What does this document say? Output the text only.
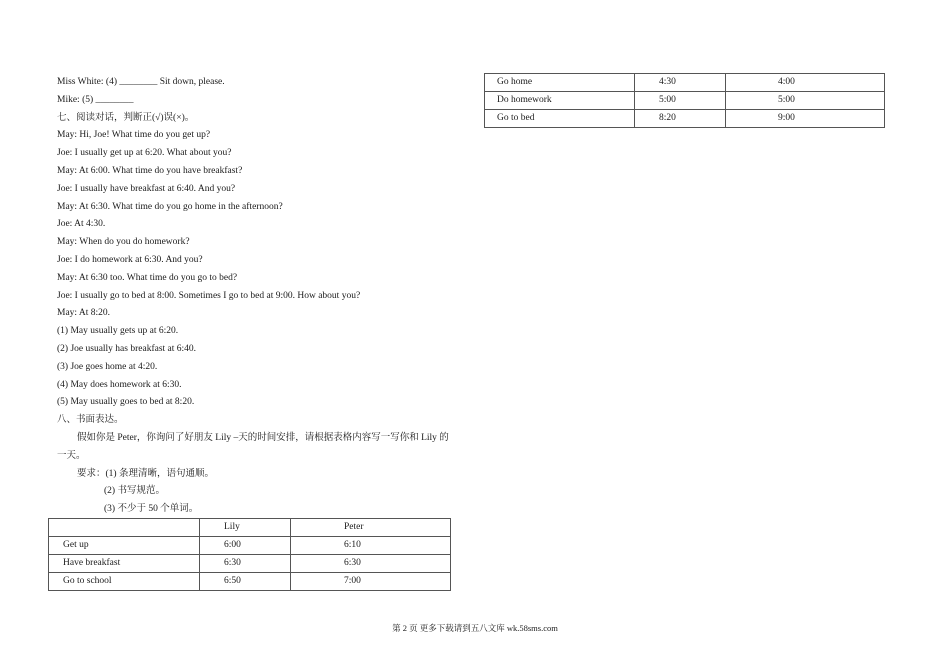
Miss White: (4) ________ Sit down, please.
Mike: (5) ________
七、阅读对话，判断正(√)误(×)。
May: Hi, Joe! What time do you get up?
Joe: I usually get up at 6:20. What about you?
May: At 6:00. What time do you have breakfast?
Joe: I usually have breakfast at 6:40. And you?
May: At 6:30. What time do you go home in the afternoon?
Joe: At 4:30.
May: When do you do homework?
Joe: I do homework at 6:30. And you?
May: At 6:30 too. What time do you go to bed?
Joe: I usually go to bed at 8:00. Sometimes I go to bed at 9:00. How about you?
May: At 8:20.
(1) May usually gets up at 6:20.
(2) Joe usually has breakfast at 6:40.
(3) Joe goes home at 4:20.
(4) May does homework at 6:30.
(5) May usually goes to bed at 8:20.
八、书面表达。
假如你是 Peter，你询问了好朋友 Lily –天的时间安排，请根据表格内容写一写你和 Lily 的
一天。
要求：(1) 条理清晰，语句通顺。
(2) 书写规范。
(3) 不少于 50 个单词。
	Lily	Peter
Get up	6:00	6:10
Have breakfast	6:30	6:30
Go to school	6:50	7:00
Go home	4:30	4:00
Do homework	5:00	5:00
Go to bed	8:20	9:00
第 2 页 更多下载请到五八文库 wk.58sms.com
